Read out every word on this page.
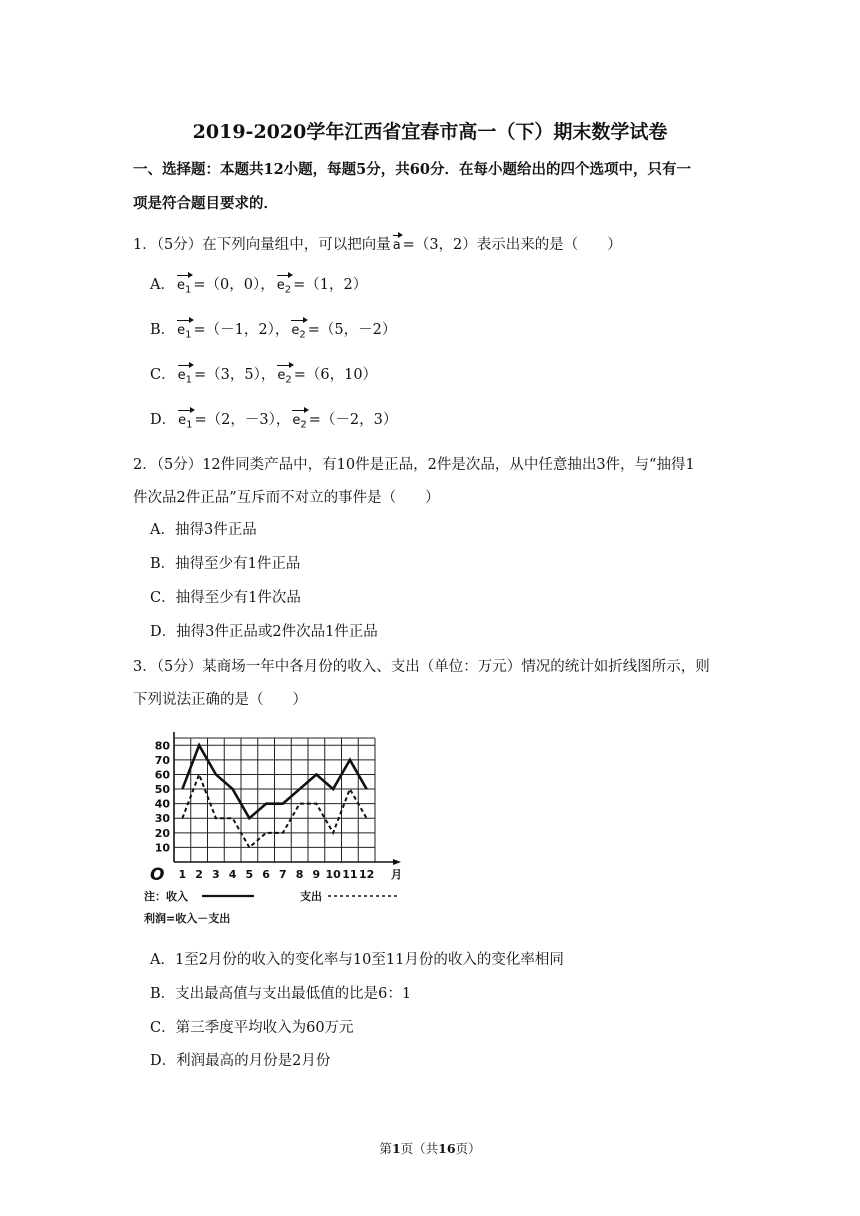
2019-2020学年江西省宜春市高一（下）期末数学试卷
一、选择题：本题共12小题，每题5分，共60分．在每小题给出的四个选项中，只有一
项是符合题目要求的．
1．（5分）在下列向量组中，可以把向量 a =（3，2）表示出来的是（　　）
A． $e_1 =(0$，0）， $e_2 =(1$，2）
B． $e_1 =(-1$，2）， $e_2 =(5$，－2）
C． $e_1 =(3$，5）， $e_2 =(6$，10）
D． $e_1 =(2$，－3）， $e_2 =(-2$，3）
2．（5分）12件同类产品中，有10件是正品，2件是次品，从中任意抽出3件，与“抽得1
件次品2件正品”互斥而不对立的事件是（　　）
A．抽得3件正品
B．抽得至少有1件正品
C．抽得至少有1件次品
D．抽得3件正品或2件次品1件正品
3．（5分）某商场一年中各月份的收入、支出（单位：万元）情况的统计如折线图所示，则
下列说法正确的是（　　）
10
20
30
40
50
60
70
80
1 2 3 4 5 6 7 8 9 10 11 12
O	月
注：收入	支出
利润=收入－支出
A．1至2月份的收入的变化率与10至11月份的收入的变化率相同
B．支出最高值与支出最低值的比是6：1
C．第三季度平均收入为60万元
D．利润最高的月份是2月份
第1页（共16页）
